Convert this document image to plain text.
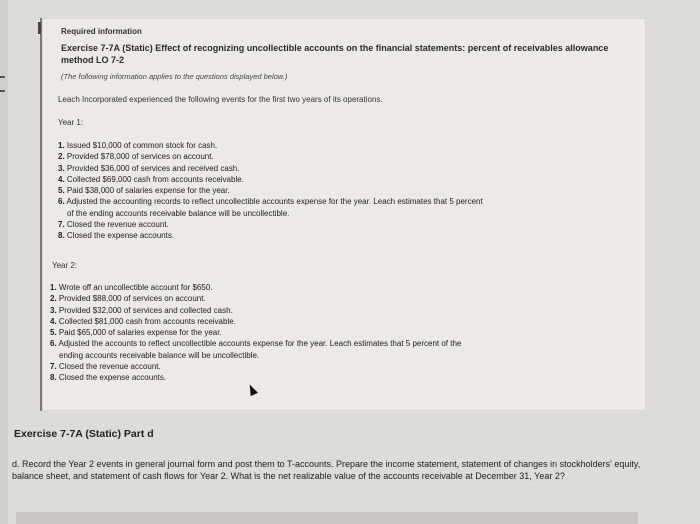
Required information
Exercise 7-7A (Static) Effect of recognizing uncollectible accounts on the financial statements: percent of receivables allowance method LO 7-2
(The following information applies to the questions displayed below.)
Leach Incorporated experienced the following events for the first two years of its operations.
Year 1:
1. Issued $10,000 of common stock for cash.
2. Provided $78,000 of services on account.
3. Provided $36,000 of services and received cash.
4. Collected $69,000 cash from accounts receivable.
5. Paid $38,000 of salaries expense for the year.
6. Adjusted the accounting records to reflect uncollectible accounts expense for the year. Leach estimates that 5 percent
of the ending accounts receivable balance will be uncollectible.
7. Closed the revenue account.
8. Closed the expense accounts.
Year 2:
1. Wrote off an uncollectible account for $650.
2. Provided $88,000 of services on account.
3. Provided $32,000 of services and collected cash.
4. Collected $81,000 cash from accounts receivable.
5. Paid $65,000 of salaries expense for the year.
6. Adjusted the accounts to reflect uncollectible accounts expense for the year. Leach estimates that 5 percent of the
ending accounts receivable balance will be uncollectible.
7. Closed the revenue account.
8. Closed the expense accounts.
Exercise 7-7A (Static) Part d
d. Record the Year 2 events in general journal form and post them to T-accounts. Prepare the income statement, statement of changes in stockholders' equity, balance sheet, and statement of cash flows for Year 2. What is the net realizable value of the accounts receivable at December 31, Year 2?
